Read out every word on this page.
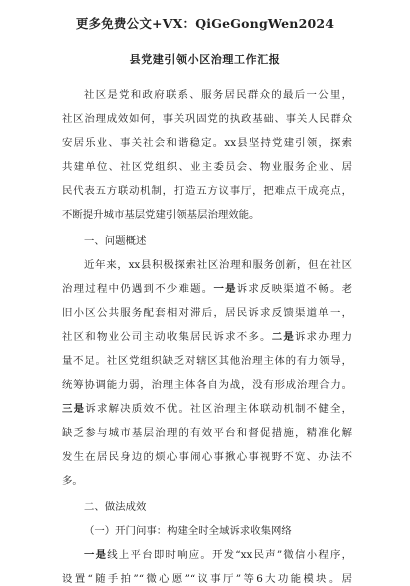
更多免费公文+VX：QiGeGongWen2024
县党建引领小区治理工作汇报
社区是党和政府联系、服务居民群众的最后一公里，
社区治理成效如何，事关巩固党的执政基础、事关人民群众
安居乐业、事关社会和谐稳定。xx县坚持党建引领，探索
共建单位、社区党组织、业主委员会、物业服务企业、居
民代表五方联动机制，打造五方议事厅，把难点干成亮点，
不断提升城市基层党建引领基层治理效能。
一、问题概述
近年来，xx县积极探索社区治理和服务创新，但在社区
治理过程中仍遇到不少难题。一是诉求反映渠道不畅。老
旧小区公共服务配套相对滞后，居民诉求反馈渠道单一，
社区和物业公司主动收集居民诉求不多。二是诉求办理力
量不足。社区党组织缺乏对辖区其他治理主体的有力领导，
统筹协调能力弱，治理主体各自为战，没有形成治理合力。
三是诉求解决质效不优。社区治理主体联动机制不健全，
缺乏参与城市基层治理的有效平台和督促措施，精准化解
发生在居民身边的烦心事闹心事揪心事视野不宽、办法不
多。
二、做法成效
（一）开门问事：构建全时全域诉求收集网络
一是线上平台即时响应。开发“xx民声”微信小程序，
设置“随手拍”“微心愿”“议事厅”等6大功能模块。居
